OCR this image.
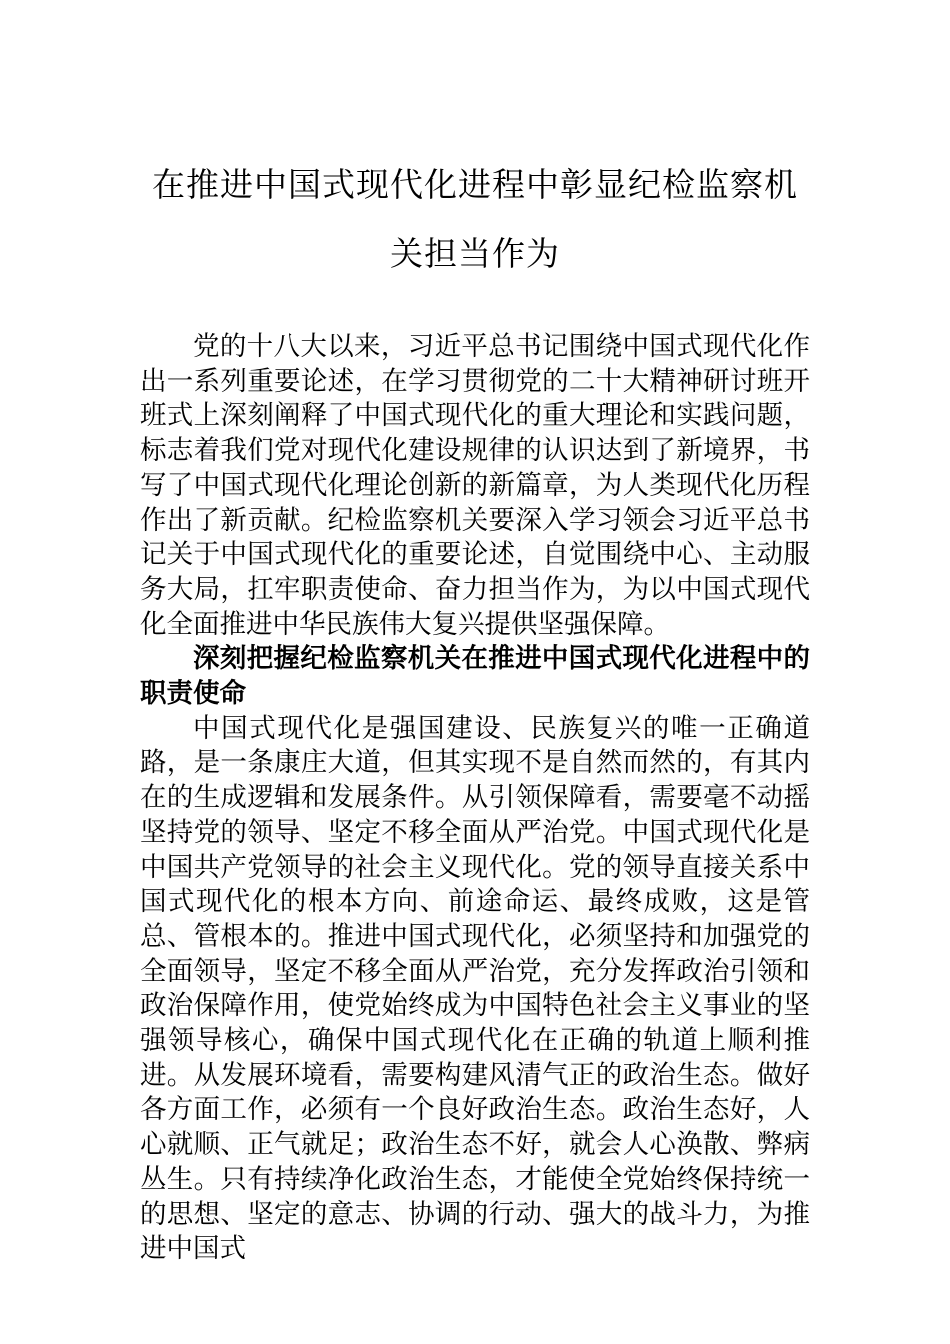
在推进中国式现代化进程中彰显纪检监察机关担当作为

党的十八大以来，习近平总书记围绕中国式现代化作出一系列重要论述，在学习贯彻党的二十大精神研讨班开班式上深刻阐释了中国式现代化的重大理论和实践问题，标志着我们党对现代化建设规律的认识达到了新境界，书写了中国式现代化理论创新的新篇章，为人类现代化历程作出了新贡献。纪检监察机关要深入学习领会习近平总书记关于中国式现代化的重要论述，自觉围绕中心、主动服务大局，扛牢职责使命、奋力担当作为，为以中国式现代化全面推进中华民族伟大复兴提供坚强保障。

深刻把握纪检监察机关在推进中国式现代化进程中的职责使命

中国式现代化是强国建设、民族复兴的唯一正确道路，是一条康庄大道，但其实现不是自然而然的，有其内在的生成逻辑和发展条件。从引领保障看，需要毫不动摇坚持党的领导、坚定不移全面从严治党。中国式现代化是中国共产党领导的社会主义现代化。党的领导直接关系中国式现代化的根本方向、前途命运、最终成败，这是管总、管根本的。推进中国式现代化，必须坚持和加强党的全面领导，坚定不移全面从严治党，充分发挥政治引领和政治保障作用，使党始终成为中国特色社会主义事业的坚强领导核心，确保中国式现代化在正确的轨道上顺利推进。从发展环境看，需要构建风清气正的政治生态。做好各方面工作，必须有一个良好政治生态。政治生态好，人心就顺、正气就足；政治生态不好，就会人心涣散、弊病丛生。只有持续净化政治生态，才能使全党始终保持统一的思想、坚定的意志、协调的行动、强大的战斗力，为推进中国式
